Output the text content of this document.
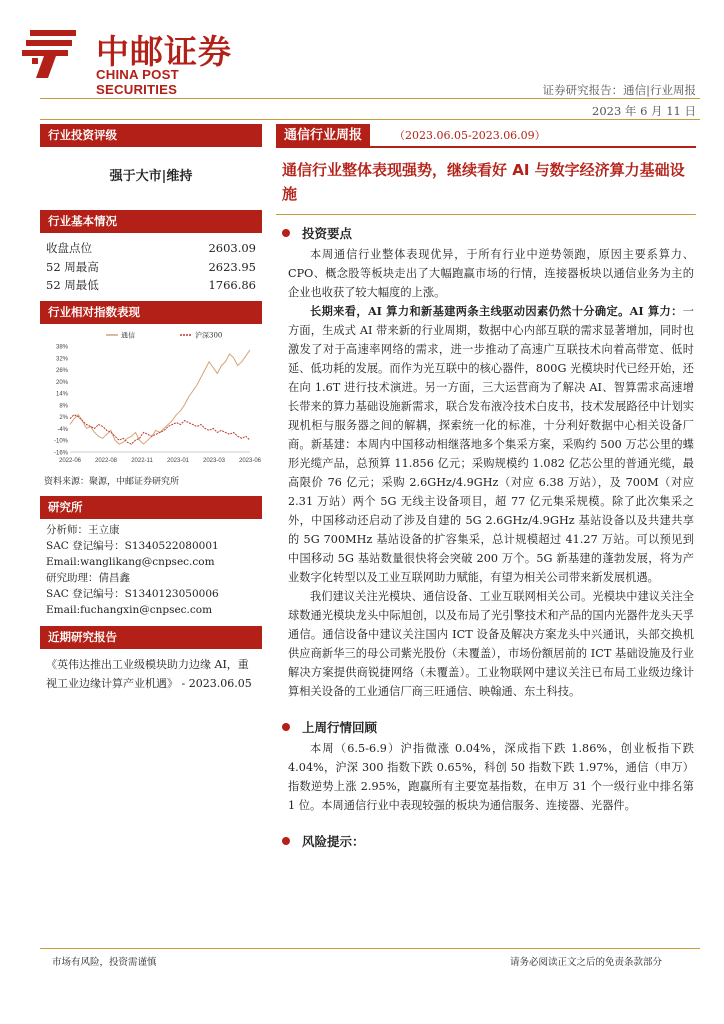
中邮证券
CHINA POST SECURITIES	证券研究报告：通信|行业周报
2023 年 6 月 11 日
行业投资评级
强于大市|维持
行业基本情况
收盘点位	2603.09
52 周最高	2623.95
52 周最低	1766.86
行业相对指数表现
-16%
-10%
-4%
2%
8%
14%
20%
26%
32%
38%
2022-06 2022-08 2022-11 2023-01 2023-03 2023-06
通信	沪深300
资料来源：聚源，中邮证券研究所
研究所
分析师：王立康
SAC 登记编号：S1340522080001
Email:wanglikang@cnpsec.com
研究助理：倩昌鑫
SAC 登记编号：S1340123050006
Email:fuchangxin@cnpsec.com
近期研究报告
《英伟达推出工业级模块助力边缘 AI，重视工业边缘计算产业机遇》 - 2023.06.05
通信行业周报	（2023.06.05-2023.06.09）
通信行业整体表现强势，继续看好 AI 与数字经济算力基础设施
投资要点

本周通信行业整体表现优异，于所有行业中逆势领跑，原因主要系算力、CPO、概念股等板块走出了大幅跑赢市场的行情，连接器板块以通信业务为主的企业也收获了较大幅度的上涨。

长期来看，AI 算力和新基建两条主线驱动因素仍然十分确定。AI 算力：一方面，生成式 AI 带来新的行业周期，数据中心内部互联的需求显著增加，同时也激发了对于高速率网络的需求，进一步推动了高速广互联技术向着高带宽、低时延、低功耗的发展。而作为光互联中的核心器件，800G 光模块时代已经开始，还在向 1.6T 进行技术演进。另一方面，三大运营商为了解决 AI、智算需求高速增长带来的算力基础设施新需求，联合发布液冷技术白皮书，技术发展路径中计划实现机柜与服务器之间的解耦，探索统一化的标准，十分利好数据中心相关设备厂商。新基建：本周内中国移动相继落地多个集采方案，采购约 500 万芯公里的蝶形光缆产品，总预算 11.856 亿元；采购规模约 1.082 亿芯公里的普通光缆，最高限价 76 亿元；采购 2.6GHz/4.9GHz（对应 6.38 万站），及 700M（对应 2.31 万站）两个 5G 无线主设备项目，超 77 亿元集采规模。除了此次集采之外，中国移动还启动了涉及自建的 5G 2.6GHz/4.9GHz 基站设备以及共建共享的 5G 700MHz 基站设备的扩容集采，总计规模超过 41.27 万站。可以预见到中国移动 5G 基站数量很快将会突破 200 万个。5G 新基建的蓬勃发展，将为产业数字化转型以及工业互联网助力赋能，有望为相关公司带来新发展机遇。

我们建议关注光模块、通信设备、工业互联网相关公司。光模块中建议关注全球数通光模块龙头中际旭创，以及布局了光引擎技术和产品的国内光器件龙头天孚通信。通信设备中建议关注国内 ICT 设备及解决方案龙头中兴通讯，头部交换机供应商新华三的母公司紫光股份（未覆盖），市场份额居前的 ICT 基础设施及行业解决方案提供商锐捷网络（未覆盖）。工业物联网中建议关注已布局工业级边缘计算相关设备的工业通信厂商三旺通信、映翰通、东土科技。

上周行情回顾

本周（6.5-6.9）沪指微涨 0.04%，深成指下跌 1.86%，创业板指下跌 4.04%，沪深 300 指数下跌 0.65%，科创 50 指数下跌 1.97%，通信（申万）指数逆势上涨 2.95%，跑赢所有主要宽基指数，在申万 31 个一级行业中排名第 1 位。本周通信行业中表现较强的板块为通信服务、连接器、光器件。

风险提示：
市场有风险，投资需谨慎	请务必阅读正文之后的免责条款部分
